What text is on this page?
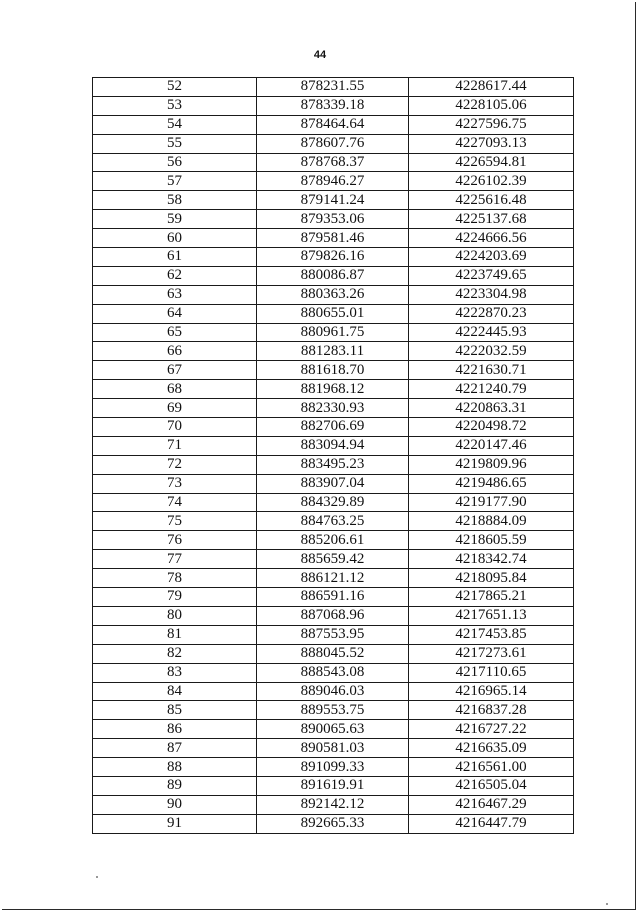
44
52	878231.55	4228617.44
53	878339.18	4228105.06
54	878464.64	4227596.75
55	878607.76	4227093.13
56	878768.37	4226594.81
57	878946.27	4226102.39
58	879141.24	4225616.48
59	879353.06	4225137.68
60	879581.46	4224666.56
61	879826.16	4224203.69
62	880086.87	4223749.65
63	880363.26	4223304.98
64	880655.01	4222870.23
65	880961.75	4222445.93
66	881283.11	4222032.59
67	881618.70	4221630.71
68	881968.12	4221240.79
69	882330.93	4220863.31
70	882706.69	4220498.72
71	883094.94	4220147.46
72	883495.23	4219809.96
73	883907.04	4219486.65
74	884329.89	4219177.90
75	884763.25	4218884.09
76	885206.61	4218605.59
77	885659.42	4218342.74
78	886121.12	4218095.84
79	886591.16	4217865.21
80	887068.96	4217651.13
81	887553.95	4217453.85
82	888045.52	4217273.61
83	888543.08	4217110.65
84	889046.03	4216965.14
85	889553.75	4216837.28
86	890065.63	4216727.22
87	890581.03	4216635.09
88	891099.33	4216561.00
89	891619.91	4216505.04
90	892142.12	4216467.29
91	892665.33	4216447.79
